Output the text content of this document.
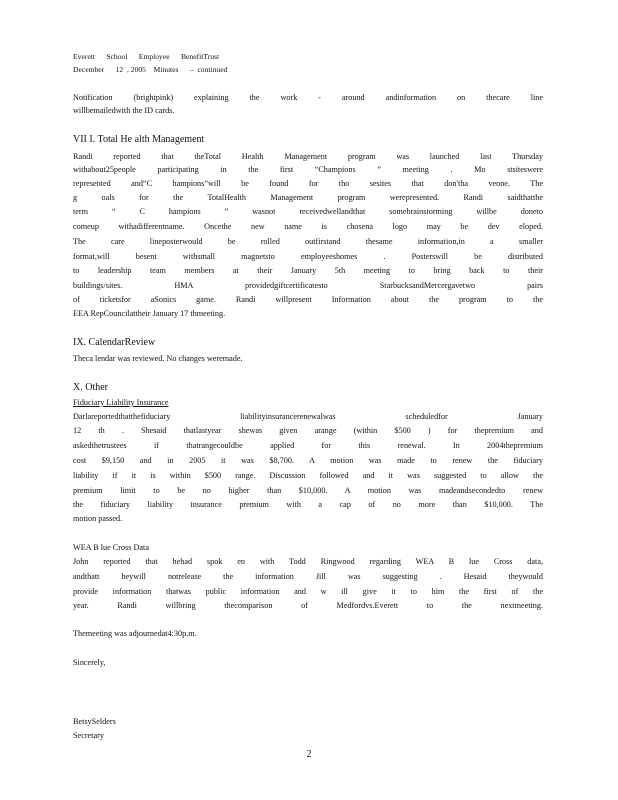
Everett      School      Employee      BenefitTrust
December      12  , 2005    Minutes      –  continued
Notification (brightpink) explaining the work - around andinformation on thecare line
willbemailedwith the ID cards.
VII I. Total He alth Management
Randi reported that theTotal Health Management program was launched last Thursday
withabout25people participating in the first “Champions ” meeting . Mo stsiteswere
represented and“C hampions”will be found for tho sesites that don'tha veone. The
g oals for the TotalHealth Management program werepresented. Randi saidthatthe
term “ C hampions ” wasnot receivedwellandthat somebrainstorming willbe doneto
comeup withadifferentname. Oncethe new name is chosena logo may be dev eloped.
The care lineposterwould be rolled outfirstand thesame information,in a smaller
format,will besent withsmall magnetsto employeeshomes . Posterswill be distributed
to leadership team members at their January 5th meeting to bring back to their
buildings/sites. HMA providedgiftcertificatesto StarbucksandMercergavetwo pairs
of ticketsfor aSonics game. Randi willpresent Information about the program to the
EEA RepCouncilattheir January 17 thmeeting.
IX. CalendarReview
Theca lendar was reviewed. No changes weremade.
X. Other
Fiduciary Liability Insurance
Darlareportedthatthefiduciary liabilityinsurancerenewalwas scheduledfor January
12 th . Shesaid thatlastyear shewas given arange (within $500 ) for thepremium and
askedthetrustees if thatrangecouldbe applied for this renewal. In 2004thepremium
cost $9,150 and in 2005 it was $8,700. A motion was made to renew the fiduciary
liability if it is within $500 range. Discussion followed and it was suggested to allow the
premium limit to be no higher than $10,000. A motion was madeandsecondedto renew
the fiduciary liability insurance premium with a cap of no more than $10,000. The
motion passed.
WEA B lue Cross Data
John reported that hehad spok en with Todd Ringwood regarding WEA B lue Cross data,
andthatt heywill notrelease the information Jill was suggesting . Hesaid theywould
provide information thatwas public information and w ill give it to him the first of the
year. Randi willbring thecomparison of Medfordvs.Everett to the nextmeeting.
Themeeting was adjournedat4:30p.m.
Sincerely,
BetsySelders
Secretary
2
